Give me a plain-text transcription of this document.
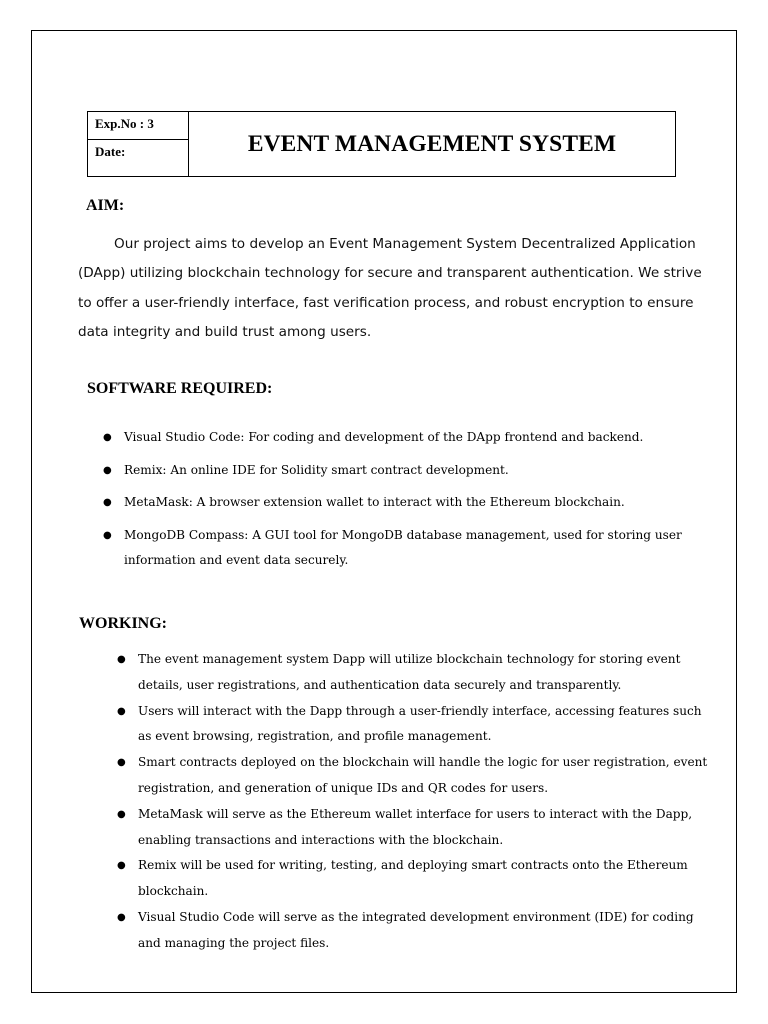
Exp.No : 3
Date:	EVENT MANAGEMENT SYSTEM
AIM:
Our project aims to develop an Event Management System Decentralized Application (DApp) utilizing blockchain technology for secure and transparent authentication. We strive to offer a user-friendly interface, fast verification process, and robust encryption to ensure data integrity and build trust among users.
SOFTWARE REQUIRED:
● Visual Studio Code: For coding and development of the DApp frontend and backend.
● Remix: An online IDE for Solidity smart contract development.
● MetaMask: A browser extension wallet to interact with the Ethereum blockchain.
● MongoDB Compass: A GUI tool for MongoDB database management, used for storing user information and event data securely.
WORKING:
● The event management system Dapp will utilize blockchain technology for storing event details, user registrations, and authentication data securely and transparently.
● Users will interact with the Dapp through a user-friendly interface, accessing features such as event browsing, registration, and profile management.
● Smart contracts deployed on the blockchain will handle the logic for user registration, event registration, and generation of unique IDs and QR codes for users.
● MetaMask will serve as the Ethereum wallet interface for users to interact with the Dapp, enabling transactions and interactions with the blockchain.
● Remix will be used for writing, testing, and deploying smart contracts onto the Ethereum blockchain.
● Visual Studio Code will serve as the integrated development environment (IDE) for coding and managing the project files.
